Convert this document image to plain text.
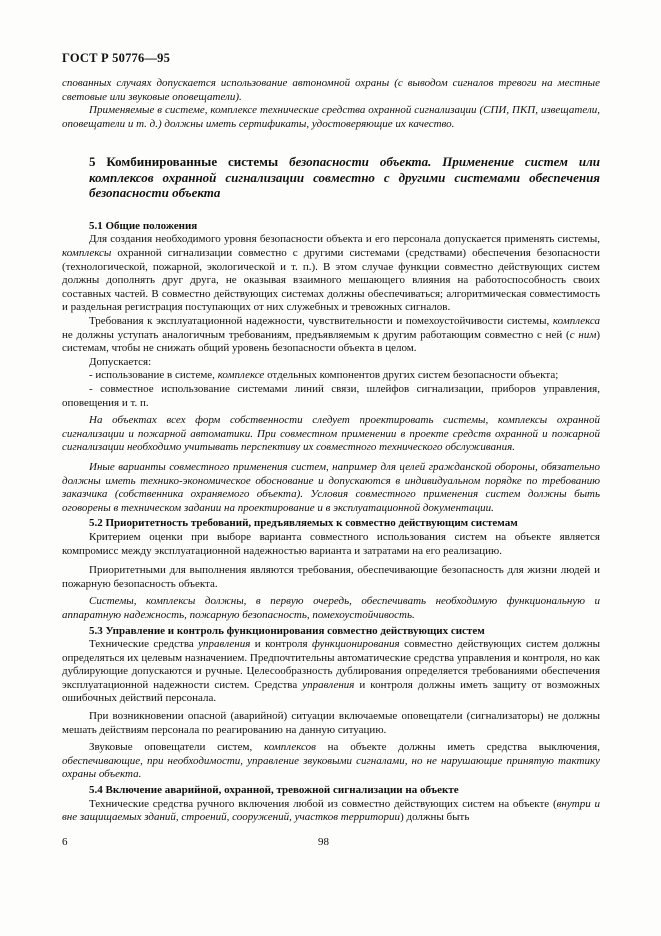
ГОСТ Р 50776—95

спованных случаях допускается использование автономной охраны (с выводом сигналов тревоги на местные световые или звуковые оповещатели).

Применяемые в системе, комплексе технические средства охранной сигнализации (СПИ, ПКП, извещатели, оповещатели и т. д.) должны иметь сертификаты, удостоверяющие их качество.

5 Комбинированные системы безопасности объекта. Применение систем или комплексов охранной сигнализации совместно с другими системами обеспечения безопасности объекта

5.1 Общие положения

Для создания необходимого уровня безопасности объекта и его персонала допускается применять системы, комплексы охранной сигнализации совместно с другими системами (средствами) обеспечения безопасности (технологической, пожарной, экологической и т. п.). В этом случае функции совместно действующих систем должны дополнять друг друга, не оказывая взаимного мешающего влияния на работоспособность своих составных частей. В совместно действующих системах должны обеспечиваться; алгоритмическая совместимость и раздельная регистрация поступающих от них служебных и тревожных сигналов.

Требования к эксплуатационной надежности, чувствительности и помехоустойчивости системы, комплекса не должны уступать аналогичным требованиям, предъявляемым к другим работающим совместно с ней (с ним) системам, чтобы не снижать общий уровень безопасности объекта в целом.

Допускается:

- использование в системе, комплексе отдельных компонентов других систем безопасности объекта;

- совместное использование системами линий связи, шлейфов сигнализации, приборов управления, оповещения и т. п.

На объектах всех форм собственности следует проектировать системы, комплексы охранной сигнализации и пожарной автоматики. При совместном применении в проекте средств охранной и пожарной сигнализации необходимо учитывать перспективу их совместного технического обслуживания.

Иные варианты совместного применения систем, например для целей гражданской обороны, обязательно должны иметь технико-экономическое обоснование и допускаются в индивидуальном порядке по требованию заказчика (собственника охраняемого объекта). Условия совместного применения систем должны быть оговорены в техническом задании на проектирование и в эксплуатационной документации.

5.2 Приоритетность требований, предъявляемых к совместно действующим системам

Критерием оценки при выборе варианта совместного использования систем на объекте является компромисс между эксплуатационной надежностью варианта и затратами на его реализацию.

Приоритетными для выполнения являются требования, обеспечивающие безопасность для жизни людей и пожарную безопасность объекта.

Системы, комплексы должны, в первую очередь, обеспечивать необходимую функциональную и аппаратную надежность, пожарную безопасность, помехоустойчивость.

5.3 Управление и контроль функционирования совместно действующих систем

Технические средства управления и контроля функционирования совместно действующих систем должны определяться их целевым назначением. Предпочтительны автоматические средства управления и контроля, но как дублирующие допускаются и ручные. Целесообразность дублирования определяется требованиями обеспечения эксплуатационной надежности систем. Средства управления и контроля должны иметь защиту от возможных ошибочных действий персонала.

При возникновении опасной (аварийной) ситуации включаемые оповещатели (сигнализаторы) не должны мешать действиям персонала по реагированию на данную ситуацию.

Звуковые оповещатели систем, комплексов на объекте должны иметь средства выключения, обеспечивающие, при необходимости, управление звуковыми сигналами, но не нарушающие принятую тактику охраны объекта.

5.4 Включение аварийной, охранной, тревожной сигнализации на объекте

Технические средства ручного включения любой из совместно действующих систем на объекте (внутри и вне защищаемых зданий, строений, сооружений, участков территории) должны быть

6	98
